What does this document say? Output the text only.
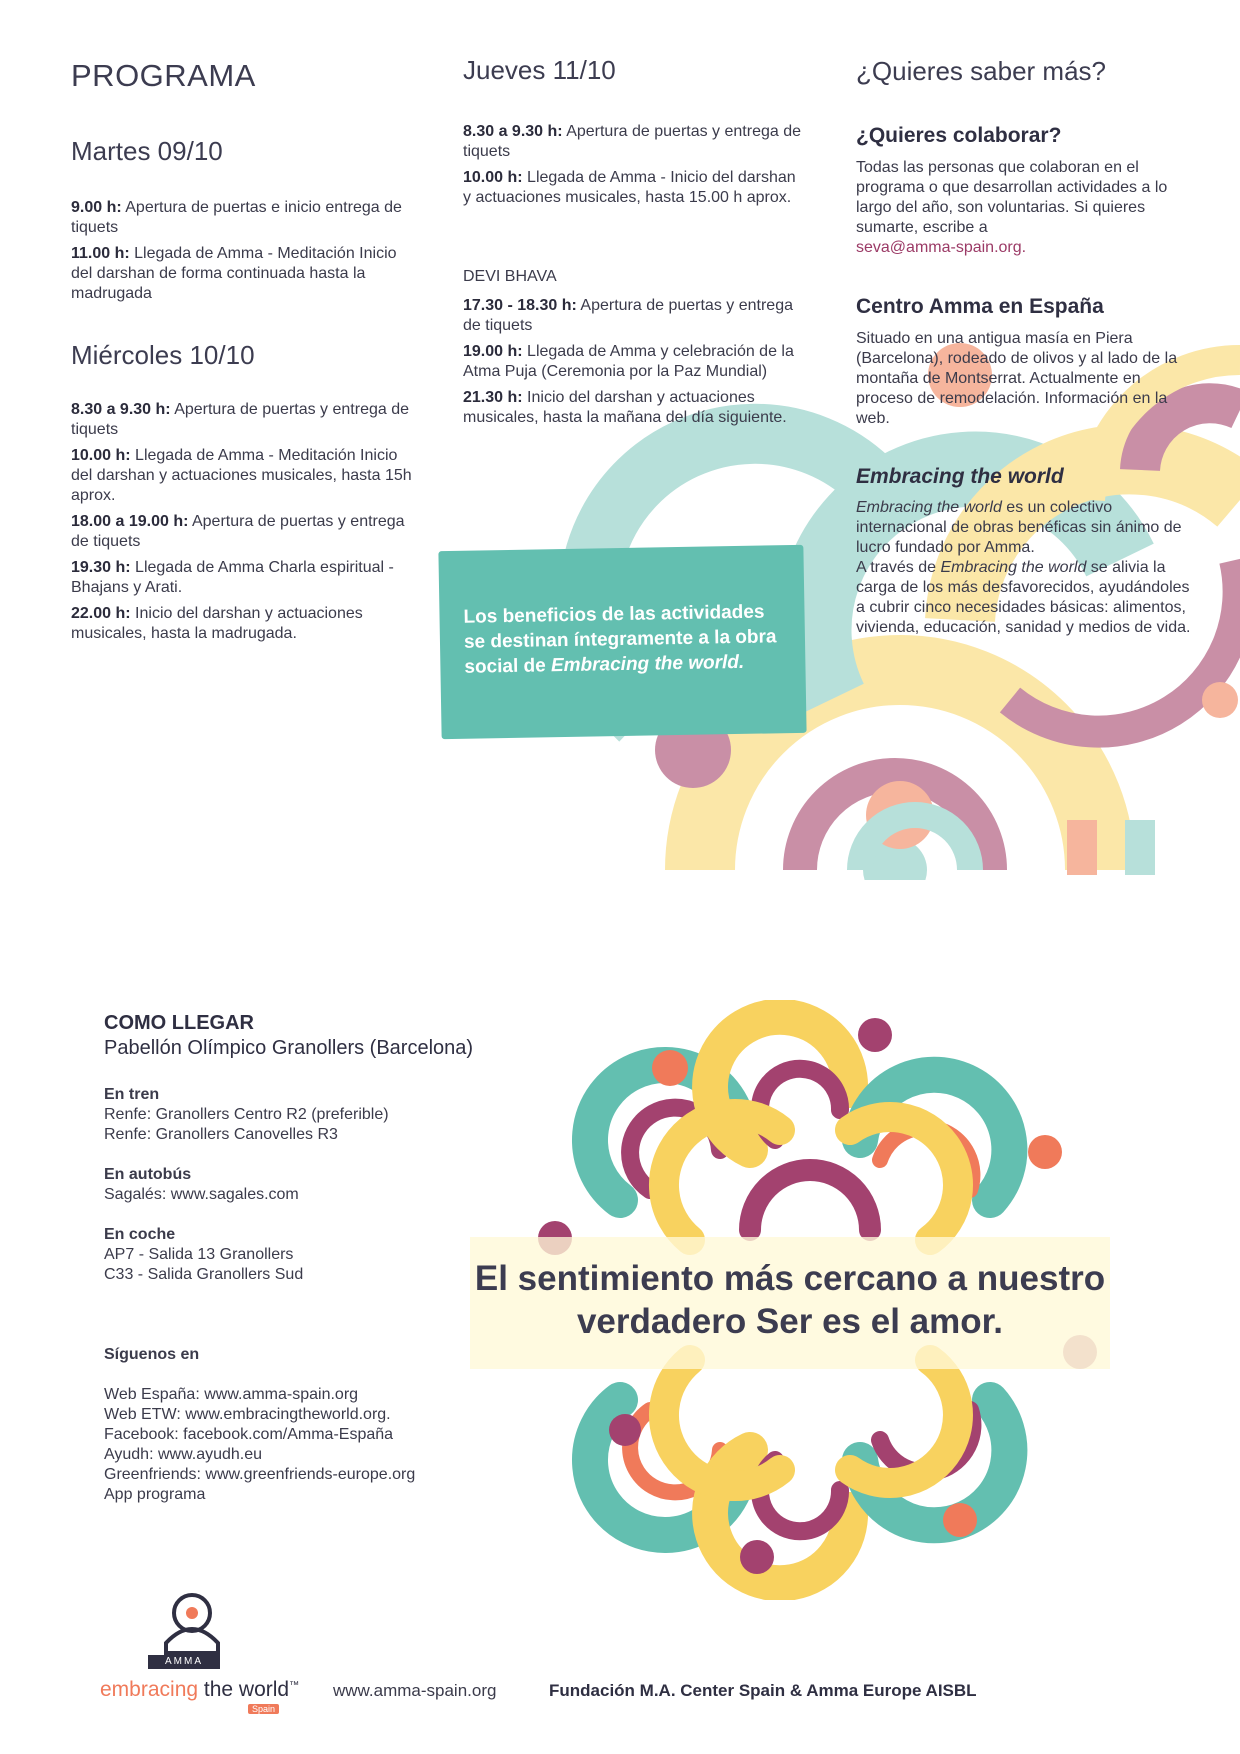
PROGRAMA
Martes 09/10

9.00 h: Apertura de puertas e inicio entrega de tiquets

11.00 h: Llegada de Amma - Meditación Inicio del darshan de forma continuada hasta la madrugada

Miércoles 10/10

8.30 a 9.30 h: Apertura de puertas y entrega de tiquets

10.00 h: Llegada de Amma - Meditación Inicio del darshan y actuaciones musicales, hasta 15h aprox.

18.00 a 19.00 h: Apertura de puertas y entrega de tiquets

19.30 h: Llegada de Amma Charla espiritual - Bhajans y Arati.

22.00 h: Inicio del darshan y actuaciones musicales, hasta la madrugada.

Jueves 11/10

8.30 a 9.30 h: Apertura de puertas y entrega de tiquets

10.00 h: Llegada de Amma - Inicio del darshan y actuaciones musicales, hasta 15.00 h aprox.

DEVI BHAVA

17.30 - 18.30 h: Apertura de puertas y entrega de tiquets

19.00 h: Llegada de Amma y celebración de la Atma Puja (Ceremonia por la Paz Mundial)

21.30 h: Inicio del darshan y actuaciones musicales, hasta la mañana del día siguiente.

Los beneficios de las actividades se destinan íntegramente a la obra social de Embracing the world.
¿Quieres saber más?
¿Quieres colaborar?
Todas las personas que colaboran en el programa o que desarrollan actividades a lo largo del año, son voluntarias. Si quieres sumarte, escribe a
seva@amma-spain.org.
Centro Amma en España
Situado en una antigua masía en Piera (Barcelona), rodeado de olivos y al lado de la montaña de Montserrat. Actualmente en proceso de remodelación. Información en la web.
Embracing the world
Embracing the world es un colectivo internacional de obras benéficas sin ánimo de lucro fundado por Amma.
A través de Embracing the world se alivia la carga de los más desfavorecidos, ayudándoles a cubrir cinco necesidades básicas: alimentos, vivienda, educación, sanidad y medios de vida.
COMO LLEGAR
Pabellón Olímpico Granollers (Barcelona)
En tren
Renfe: Granollers Centro R2 (preferible)
Renfe: Granollers Canovelles R3
En autobús
Sagalés: www.sagales.com
En coche
AP7 - Salida 13 Granollers
C33 - Salida Granollers Sud
Síguenos en
Web España: www.amma-spain.org
Web ETW: www.embracingtheworld.org.
Facebook: facebook.com/Amma-España
Ayudh: www.ayudh.eu
Greenfriends: www.greenfriends-europe.org
App programa
El sentimiento más cercano a nuestro
verdadero Ser es el amor.
AMMA
embracing the world™
Spain
www.amma-spain.org	Fundación M.A. Center Spain & Amma Europe AISBL
